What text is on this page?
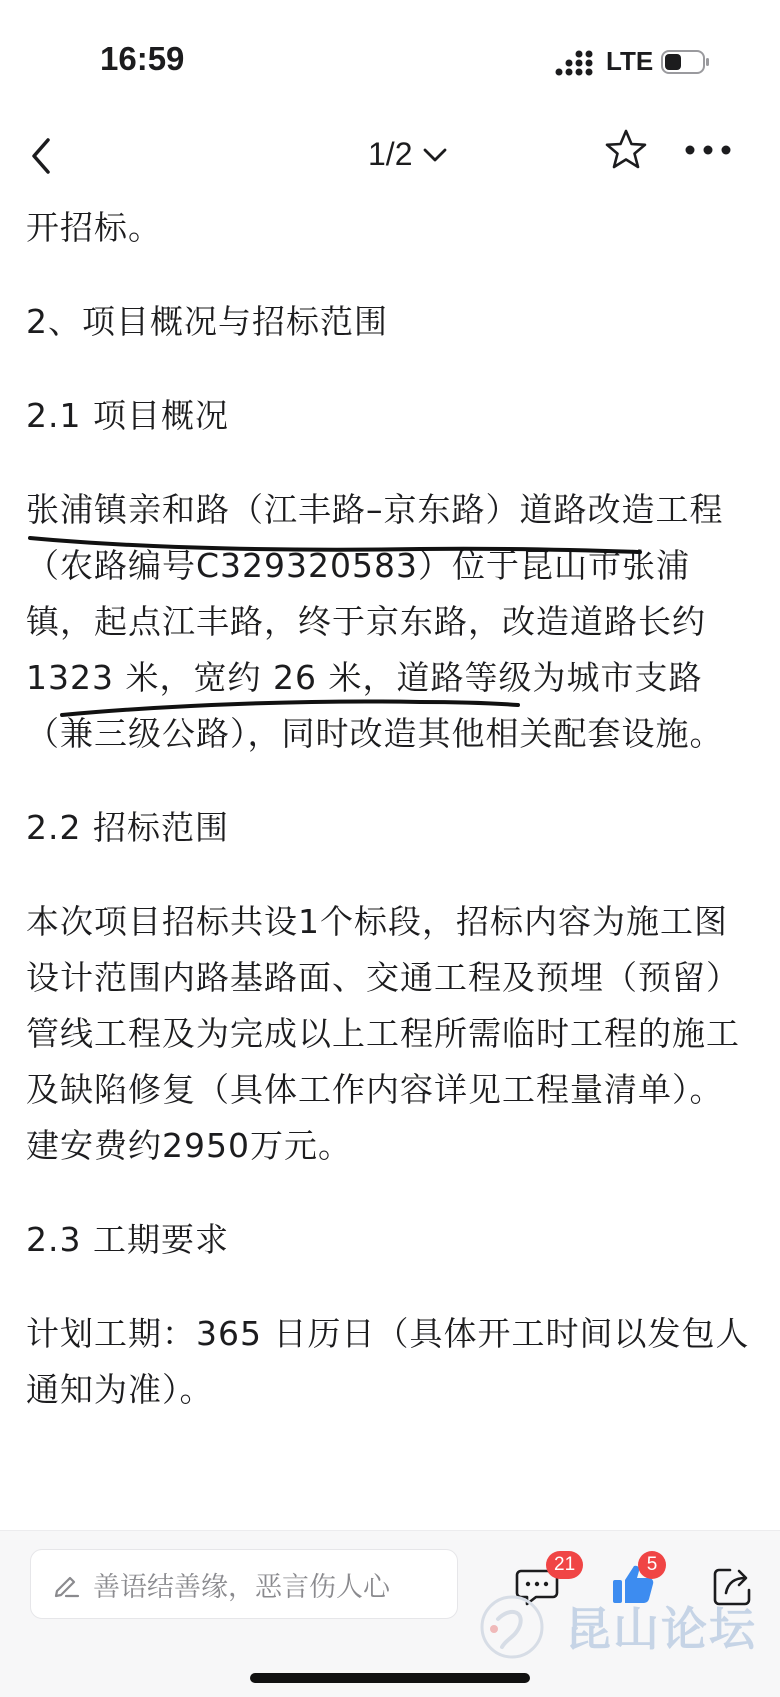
16:59	LTE
1/2

开招标。

2、项目概况与招标范围

2.1 项目概况

张浦镇亲和路（江丰路–京东路）道路改造工程（农路编号C329320583）位于昆山市张浦镇，起点江丰路，终于京东路，改造道路长约 1323 米，宽约 26 米，道路等级为城市支路（兼三级公路），同时改造其他相关配套设施。

2.2 招标范围

本次项目招标共设1个标段，招标内容为施工图设计范围内路基路面、交通工程及预埋（预留）管线工程及为完成以上工程所需临时工程的施工及缺陷修复（具体工作内容详见工程量清单）。建安费约2950万元。

2.3 工期要求

计划工期：365 日历日（具体开工时间以发包人通知为准）。

善语结善缘，恶言伤人心
21	5
昆山论坛
